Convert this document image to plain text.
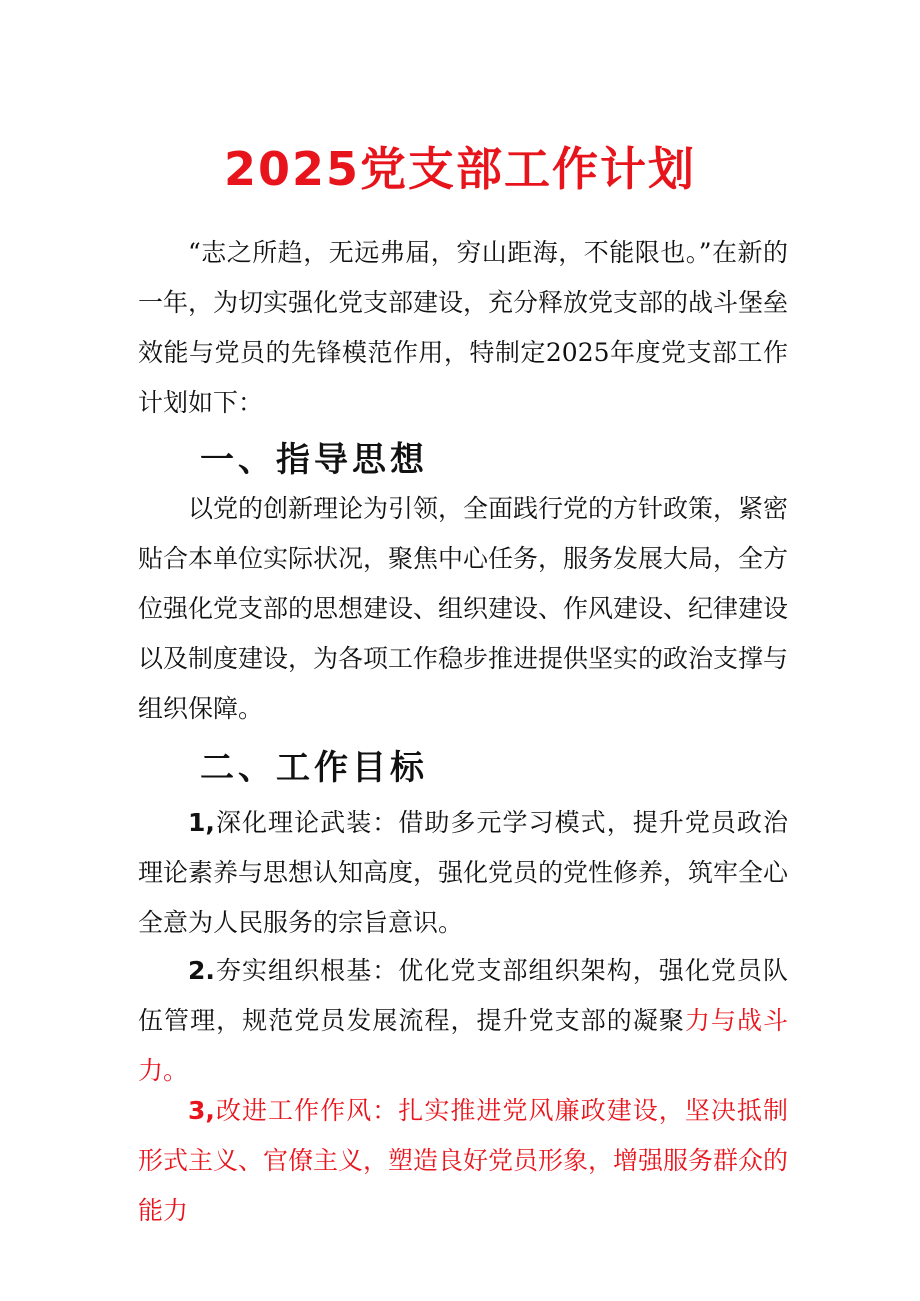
2025党支部工作计划

“志之所趋，无远弗届，穷山距海，不能限也。”在新的一年，为切实强化党支部建设，充分释放党支部的战斗堡垒效能与党员的先锋模范作用，特制定2025年度党支部工作计划如下：

一、指导思想

以党的创新理论为引领，全面践行党的方针政策，紧密贴合本单位实际状况，聚焦中心任务，服务发展大局，全方位强化党支部的思想建设、组织建设、作风建设、纪律建设以及制度建设，为各项工作稳步推进提供坚实的政治支撑与组织保障。

二、工作目标

1,深化理论武装：借助多元学习模式，提升党员政治理论素养与思想认知高度，强化党员的党性修养，筑牢全心全意为人民服务的宗旨意识。

2.夯实组织根基：优化党支部组织架构，强化党员队伍管理，规范党员发展流程，提升党支部的凝聚力与战斗力。

3,改进工作作风：扎实推进党风廉政建设，坚决抵制形式主义、官僚主义，塑造良好党员形象，增强服务群众的能力
